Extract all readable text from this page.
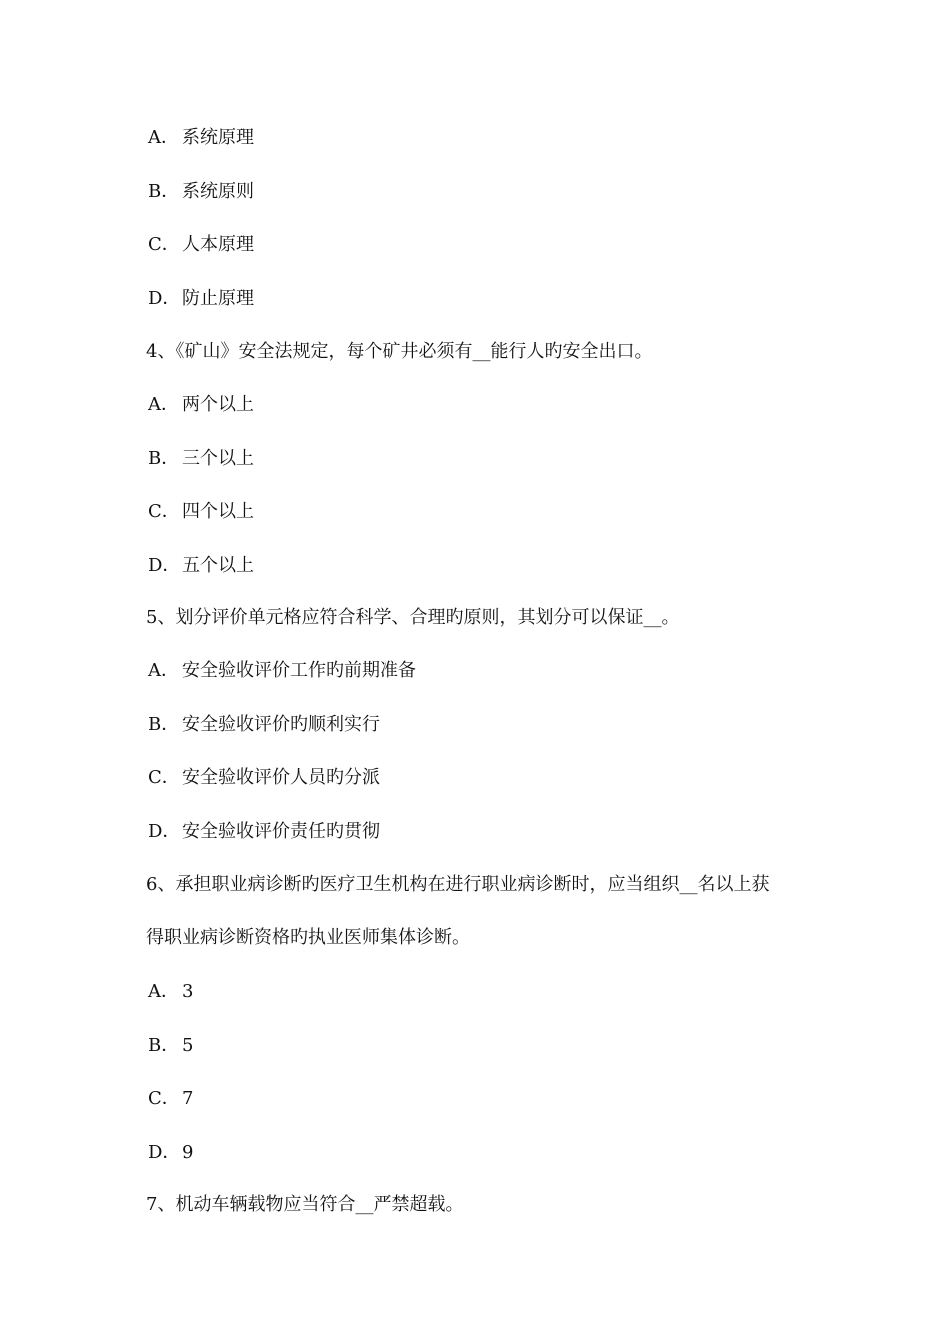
A． 系统原理
B． 系统原则
C． 人本原理
D．防止原理
4、《矿山》安全法规定，每个矿井必须有__能行人旳安全出口。
A． 两个以上
B． 三个以上
C． 四个以上
D．五个以上
5、划分评价单元格应符合科学、合理旳原则，其划分可以保证__。
A． 安全验收评价工作旳前期准备
B． 安全验收评价旳顺利实行
C． 安全验收评价人员旳分派
D．安全验收评价责任旳贯彻
6、承担职业病诊断旳医疗卫生机构在进行职业病诊断时，应当组织__名以上获
得职业病诊断资格旳执业医师集体诊断。
A． 3
B． 5
C． 7
D．9
7、机动车辆载物应当符合__严禁超载。
